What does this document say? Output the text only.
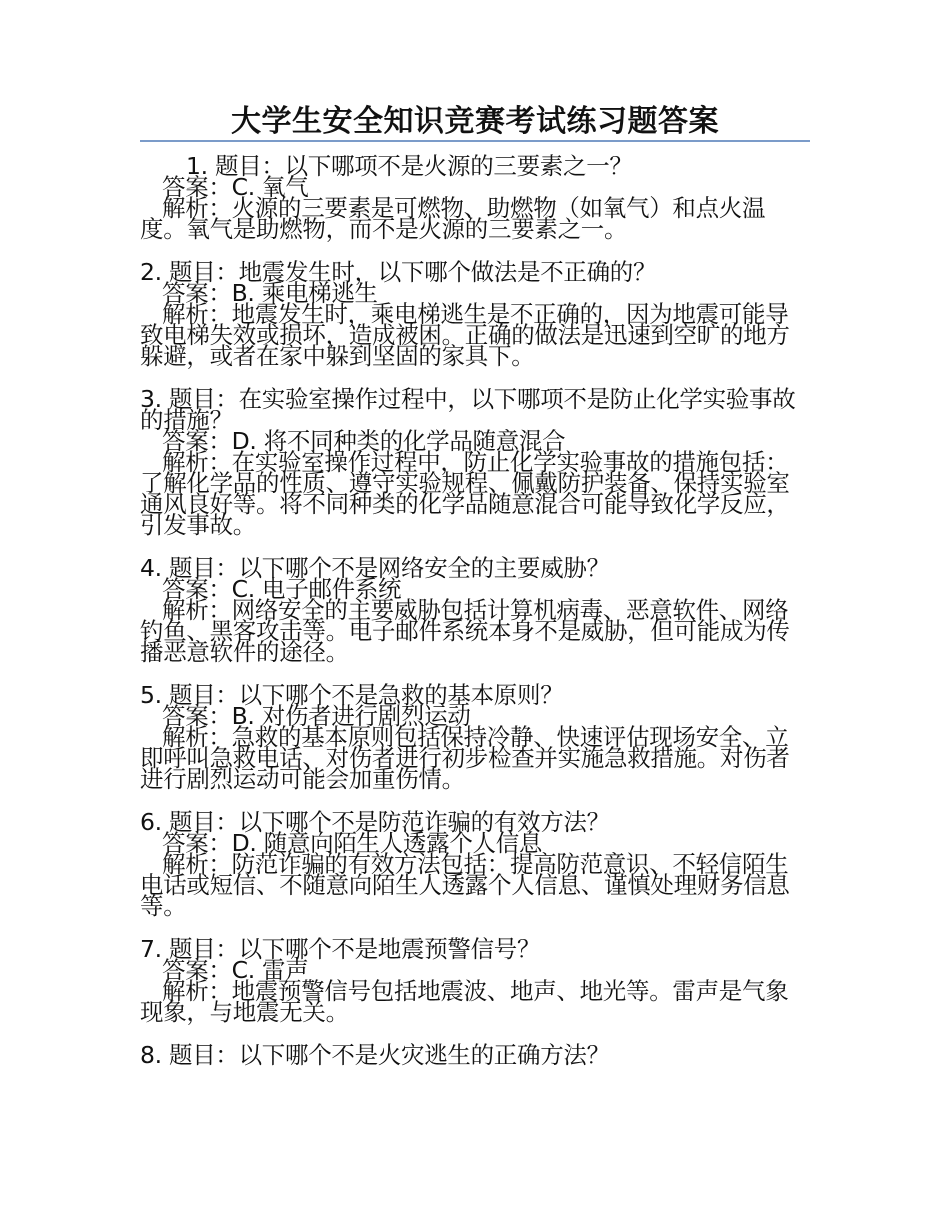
大学生安全知识竞赛考试练习题答案

1. 题目：以下哪项不是火源的三要素之一？

答案：C. 氧气

解析：火源的三要素是可燃物、助燃物（如氧气）和点火温度。氧气是助燃物，而不是火源的三要素之一。

2. 题目：地震发生时，以下哪个做法是不正确的？

答案：B. 乘电梯逃生

解析：地震发生时，乘电梯逃生是不正确的，因为地震可能导致电梯失效或损坏，造成被困。正确的做法是迅速到空旷的地方躲避，或者在家中躲到坚固的家具下。

3. 题目：在实验室操作过程中，以下哪项不是防止化学实验事故的措施？

答案：D. 将不同种类的化学品随意混合

解析：在实验室操作过程中，防止化学实验事故的措施包括：了解化学品的性质、遵守实验规程、佩戴防护装备、保持实验室通风良好等。将不同种类的化学品随意混合可能导致化学反应，引发事故。

4. 题目：以下哪个不是网络安全的主要威胁？

答案：C. 电子邮件系统

解析：网络安全的主要威胁包括计算机病毒、恶意软件、网络钓鱼、黑客攻击等。电子邮件系统本身不是威胁，但可能成为传播恶意软件的途径。

5. 题目：以下哪个不是急救的基本原则？

答案：B. 对伤者进行剧烈运动

解析：急救的基本原则包括保持冷静、快速评估现场安全、立即呼叫急救电话、对伤者进行初步检查并实施急救措施。对伤者进行剧烈运动可能会加重伤情。

6. 题目：以下哪个不是防范诈骗的有效方法？

答案：D. 随意向陌生人透露个人信息

解析：防范诈骗的有效方法包括：提高防范意识、不轻信陌生电话或短信、不随意向陌生人透露个人信息、谨慎处理财务信息等。

7. 题目：以下哪个不是地震预警信号？

答案：C. 雷声

解析：地震预警信号包括地震波、地声、地光等。雷声是气象现象，与地震无关。

8. 题目：以下哪个不是火灾逃生的正确方法？
